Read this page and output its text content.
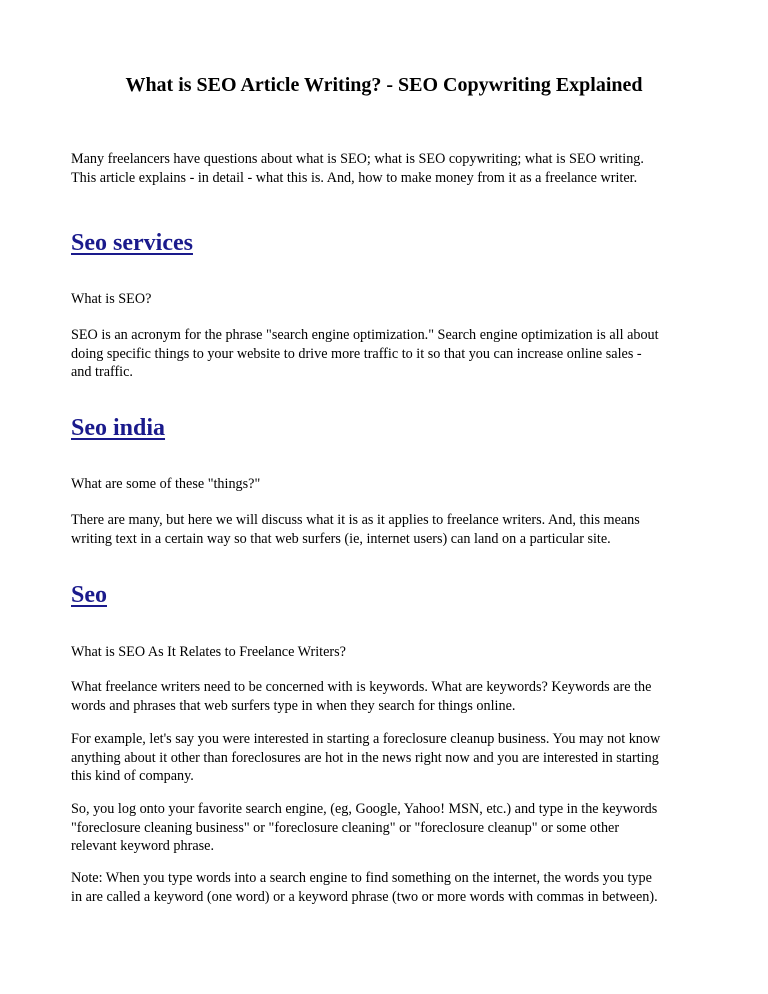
What is SEO Article Writing? - SEO Copywriting Explained

Many freelancers have questions about what is SEO; what is SEO copywriting; what is SEO writing.
This article explains - in detail - what this is. And, how to make money from it as a freelance writer.

Seo services

What is SEO?

SEO is an acronym for the phrase "search engine optimization." Search engine optimization is all about
doing specific things to your website to drive more traffic to it so that you can increase online sales -
and traffic.

Seo india

What are some of these "things?"

There are many, but here we will discuss what it is as it applies to freelance writers. And, this means
writing text in a certain way so that web surfers (ie, internet users) can land on a particular site.

Seo

What is SEO As It Relates to Freelance Writers?

What freelance writers need to be concerned with is keywords. What are keywords? Keywords are the
words and phrases that web surfers type in when they search for things online.

For example, let's say you were interested in starting a foreclosure cleanup business. You may not know
anything about it other than foreclosures are hot in the news right now and you are interested in starting
this kind of company.

So, you log onto your favorite search engine, (eg, Google, Yahoo! MSN, etc.) and type in the keywords
"foreclosure cleaning business" or "foreclosure cleaning" or "foreclosure cleanup" or some other
relevant keyword phrase.

Note: When you type words into a search engine to find something on the internet, the words you type
in are called a keyword (one word) or a keyword phrase (two or more words with commas in between).
